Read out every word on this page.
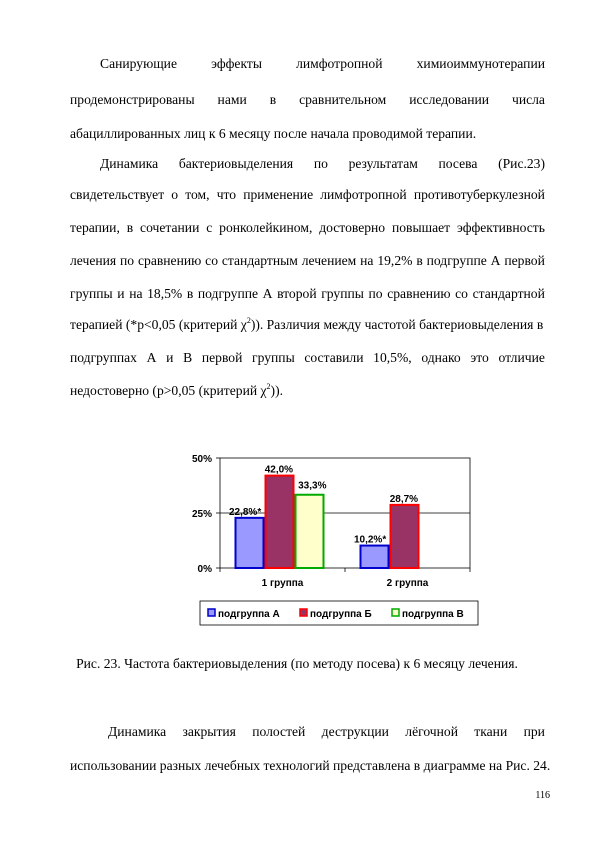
Санирующие	эффекты	лимфотропной	химиоиммунотерапии
продемонстрированы нами в сравнительном исследовании числа
абациллированных лиц к 6 месяцу после начала проводимой терапии.
Динамика бактериовыделения по результатам посева (Рис.23)
свидетельствует о том, что применение лимфотропной противотуберкулезной
терапии, в сочетании с ронколейкином, достоверно повышает эффективность
лечения по сравнению со стандартным лечением на 19,2% в подгруппе А первой
группы и на 18,5% в подгруппе А второй группы по сравнению со стандартной
терапией (*р<0,05 (критерий $\chi^2$)). Различия между частотой бактериовыделения в
подгруппах А и В первой группы составили 10,5%, однако это отличие
недостоверно (р>0,05 (критерий $\chi^2$)).
0%
25%
50%
22,8%*
42,0%
33,3%
1 группа
10,2%*
28,7%
2 группа
подгруппа А	подгруппа Б	подгруппа В
Рис. 23. Частота бактериовыделения (по методу посева) к 6 месяцу лечения.
Динамика закрытия полостей деструкции лёгочной ткани при
использовании разных лечебных технологий представлена в диаграмме на Рис. 24.
116
